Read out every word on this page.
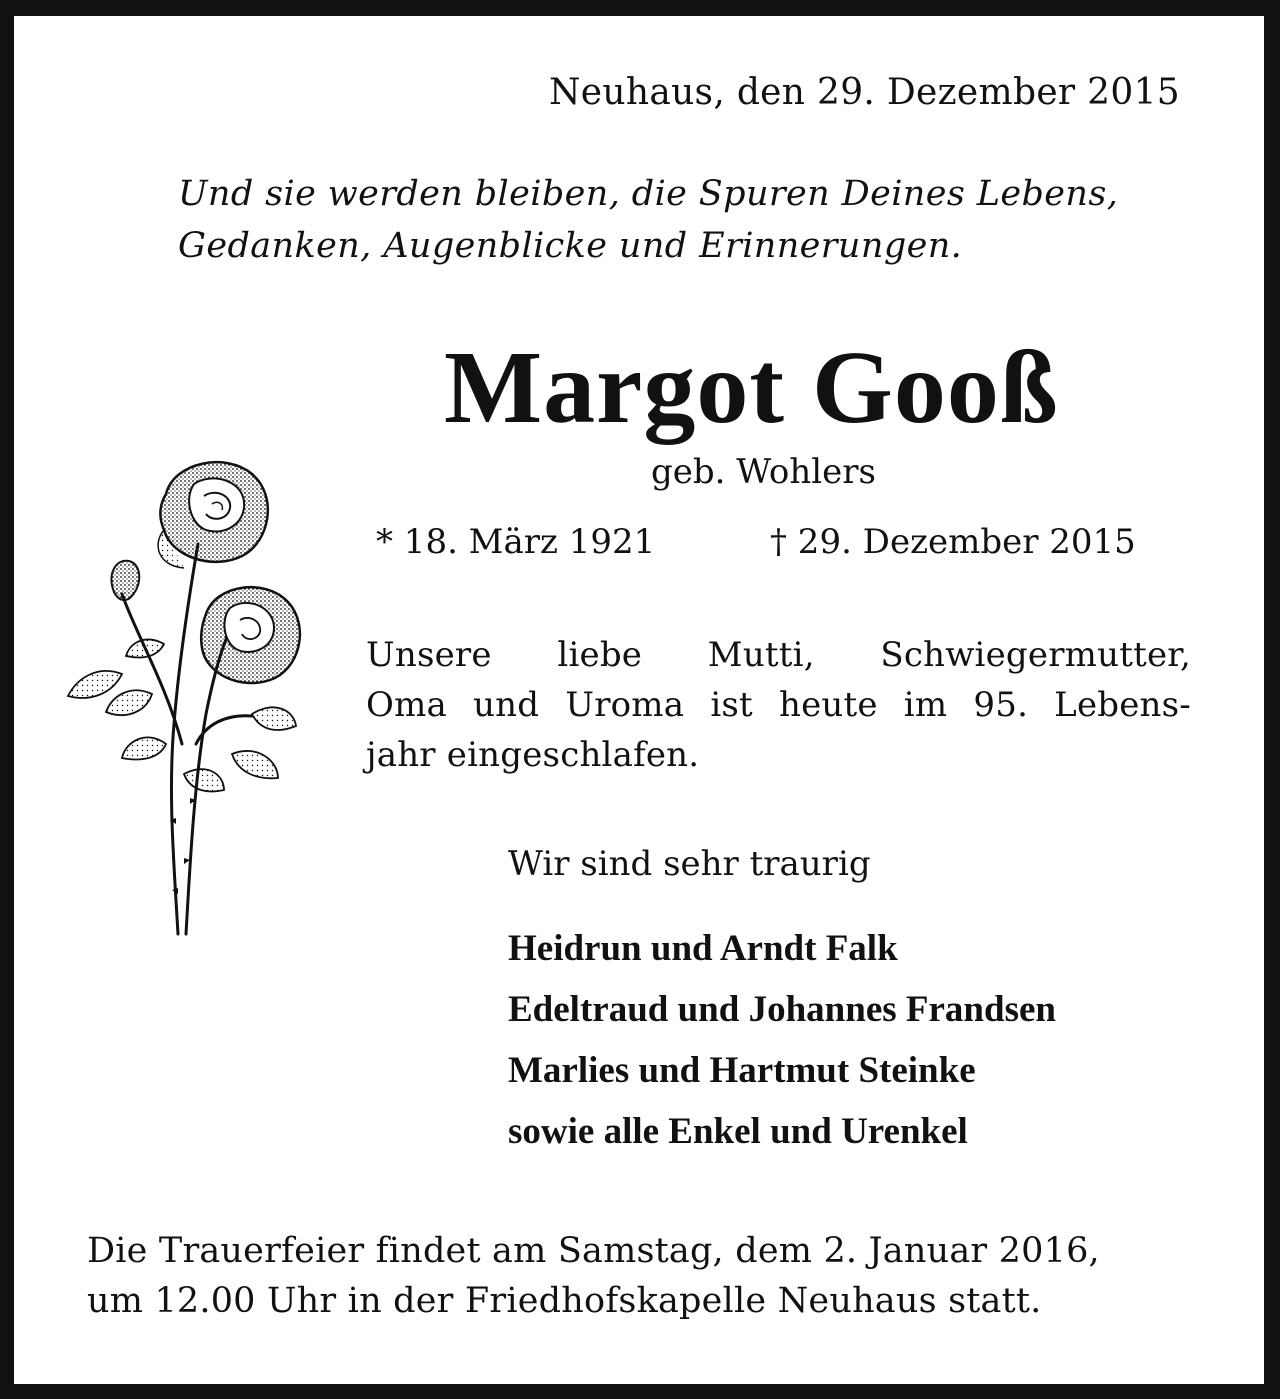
Neuhaus, den 29. Dezember 2015
Und sie werden bleiben, die Spuren Deines Lebens,
Gedanken, Augenblicke und Erinnerungen.
Margot Gooß
geb. Wohlers
* 18. März 1921	† 29. Dezember 2015
Unsere liebe Mutti, Schwiegermutter,
Oma und Uroma ist heute im 95. Lebens-
jahr eingeschlafen.
Wir sind sehr traurig
Heidrun und Arndt Falk
Edeltraud und Johannes Frandsen
Marlies und Hartmut Steinke
sowie alle Enkel und Urenkel
Die Trauerfeier findet am Samstag, dem 2. Januar 2016,
um 12.00 Uhr in der Friedhofskapelle Neuhaus statt.
